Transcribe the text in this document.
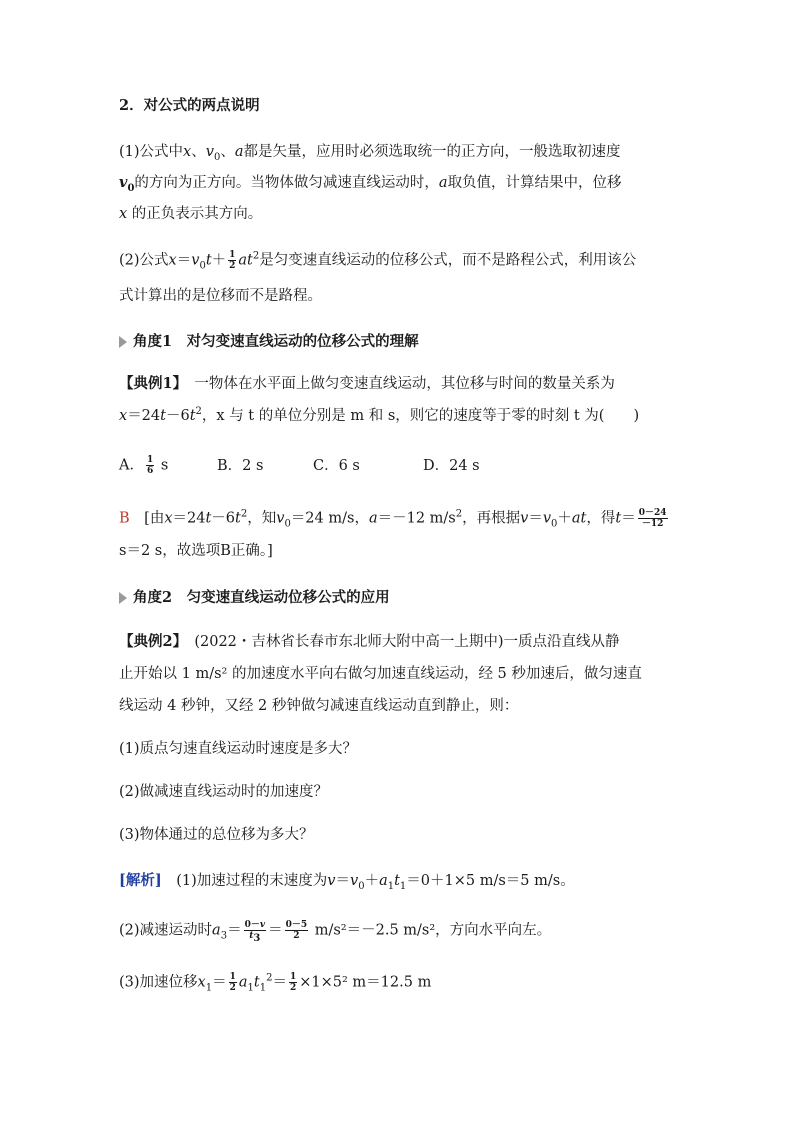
2．对公式的两点说明
(1)公式中x、$v_0$、a都是矢量，应用时必须选取统一的正方向，一般选取初速度
$v_0$的方向为正方向。当物体做匀减速直线运动时，a取负值，计算结果中，位移
x 的正负表示其方向。
(2)公式$x=v_0t+ \frac{1}{2} at^2$是匀变速直线运动的位移公式，而不是路程公式，利用该公
式计算出的是位移而不是路程。
角度1　对匀变速直线运动的位移公式的理解
【典例1】　一物体在水平面上做匀变速直线运动，其位移与时间的数量关系为
$x=24t-6t^2$，x 与 t 的单位分别是 m 和 s，则它的速度等于零的时刻 t 为(　　)
A． $\frac{1}{6}$ s	B．2 s	C．6 s	D．24 s
B　 [由$x=24t-6t^2$，知$v_0=24$ m/s，a＝－12 $m/s^2$，再根据$v=v_0+at$，得$t= \frac{0-24}{-12}$
s＝2 s，故选项B正确。]
角度2　匀变速直线运动位移公式的应用
【典例2】　(2022・吉林省长春市东北师大附中高一上期中)一质点沿直线从静
止开始以 1 m/s² 的加速度水平向右做匀加速直线运动，经 5 秒加速后，做匀速直
线运动 4 秒钟，又经 2 秒钟做匀减速直线运动直到静止，则：
(1)质点匀速直线运动时速度是多大？
(2)做减速直线运动时的加速度？
(3)物体通过的总位移为多大？
[解析]　(1)加速过程的末速度为$v=v_0+a_1t_1=0+1\times 5$ m/s＝5 m/s。
(2)减速运动时$a_3= \frac{0-v}{t_3} = \frac{0-5}{2} m/s^2=-2.5$ m/s²，方向水平向左。
(3)加速位移$x_1= \frac{1}{2} a_1t_1^2= \frac{1}{2} \times 1\times 5^2$ m＝12.5 m
